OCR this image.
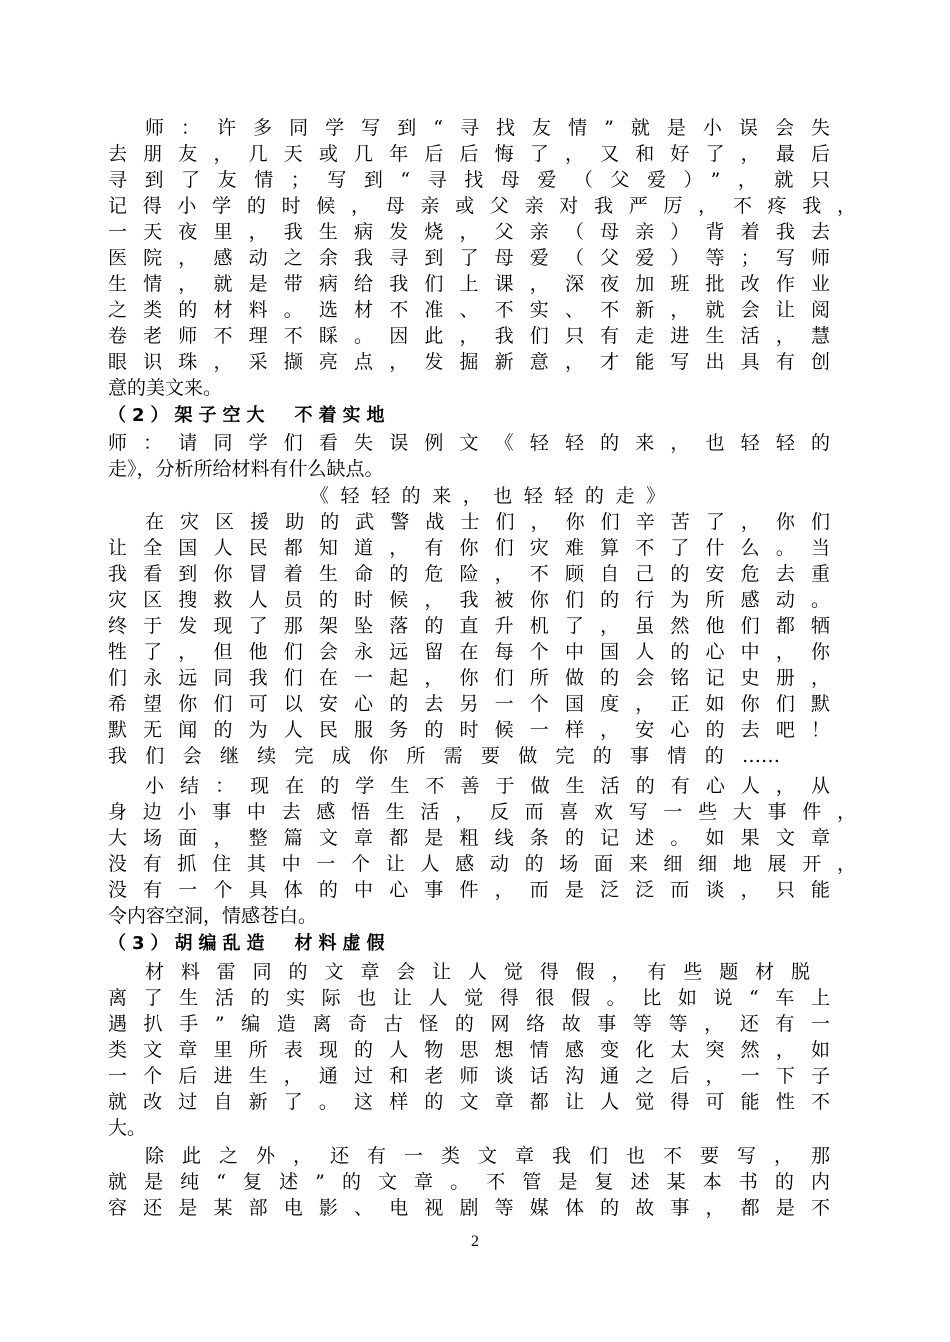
师：许多同学写到“寻找友情”就是小误会失
去朋友，几天或几年后后悔了，又和好了，最后
寻到了友情；写到“寻找母爱（父爱）”，就只
记得小学的时候，母亲或父亲对我严厉，不疼我，
一天夜里，我生病发烧，父亲（母亲）背着我去
医院，感动之余我寻到了母爱（父爱）等；写师
生情，就是带病给我们上课，深夜加班批改作业
之类的材料。选材不准、不实、不新，就会让阅
卷老师不理不睬。因此，我们只有走进生活，慧
眼识珠，采撷亮点，发掘新意，才能写出具有创
意的美文来。
（2）架子空大　不着实地
师：请同学们看失误例文《轻轻的来，也轻轻的
走》，分析所给材料有什么缺点。
《轻轻的来，也轻轻的走》
在灾区援助的武警战士们，你们辛苦了，你们
让全国人民都知道，有你们灾难算不了什么。当
我看到你冒着生命的危险，不顾自己的安危去重
灾区搜救人员的时候，我被你们的行为所感动。
终于发现了那架坠落的直升机了，虽然他们都牺
牲了，但他们会永远留在每个中国人的心中，你
们永远同我们在一起，你们所做的会铭记史册，
希望你们可以安心的去另一个国度，正如你们默
默无闻的为人民服务的时候一样，安心的去吧！
我们会继续完成你所需要做完的事情的……
小结：现在的学生不善于做生活的有心人，从
身边小事中去感悟生活，反而喜欢写一些大事件，
大场面，整篇文章都是粗线条的记述。如果文章
没有抓住其中一个让人感动的场面来细细地展开，
没有一个具体的中心事件，而是泛泛而谈，只能
令内容空洞，情感苍白。
（3）胡编乱造　材料虚假
材料雷同的文章会让人觉得假，有些题材脱
离了生活的实际也让人觉得很假。比如说“车上
遇扒手”编造离奇古怪的网络故事等等，还有一
类文章里所表现的人物思想情感变化太突然，如
一个后进生，通过和老师谈话沟通之后，一下子
就改过自新了。这样的文章都让人觉得可能性不
大。
除此之外，还有一类文章我们也不要写，那
就是纯“复述”的文章。不管是复述某本书的内
容还是某部电影、电视剧等媒体的故事，都是不
2
